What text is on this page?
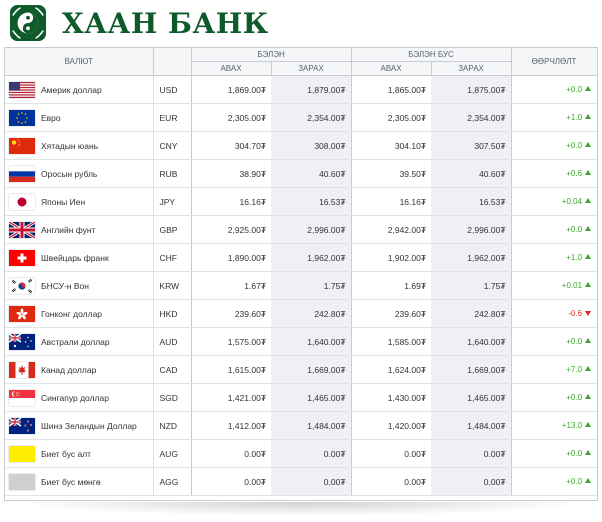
ХААН БАНК
ВАЛЮТ			БЭЛЭН		БЭЛЭН БУС		ӨӨРЧЛӨЛТ
			АВАХ	ЗАРАХ	АВАХ	ЗАРАХ	

	Америк доллар	USD	1,869.00₮	1,879.00₮	1,865.00₮	1,875.00₮	+0.0

	Евро	EUR	2,305.00₮	2,354.00₮	2,305.00₮	2,354.00₮	+1.0

	Хятадын юань	CNY	304.70₮	308.00₮	304.10₮	307.50₮	+0.0

	Оросын рубль	RUB	38.90₮	40.60₮	39.50₮	40.60₮	+0.6

	Японы Иен	JPY	16.16₮	16.53₮	16.16₮	16.53₮	+0.04

	Английн фунт	GBP	2,925.00₮	2,996.00₮	2,942.00₮	2,996.00₮	+0.0

	Швейцарь франк	CHF	1,890.00₮	1,962.00₮	1,902.00₮	1,962.00₮	+1.0

	БНСУ-н Вон	KRW	1.67₮	1.75₮	1.69₮	1.75₮	+0.01

	Гонконг доллар	HKD	239.60₮	242.80₮	239.60₮	242.80₮	-0.6

	Австрали доллар	AUD	1,575.00₮	1,640.00₮	1,585.00₮	1,640.00₮	+0.0

	Канад доллар	CAD	1,615.00₮	1,669.00₮	1,624.00₮	1,669.00₮	+7.0

	Сингапур доллар	SGD	1,421.00₮	1,465.00₮	1,430.00₮	1,465.00₮	+0.0

	Шинэ Зеландын Доллар	NZD	1,412.00₮	1,484.00₮	1,420.00₮	1,484.00₮	+13.0

	Биет бус алт	AUG	0.00₮	0.00₮	0.00₮	0.00₮	+0.0

	Биет бус мөнгө	AGG	0.00₮	0.00₮	0.00₮	0.00₮	+0.0
